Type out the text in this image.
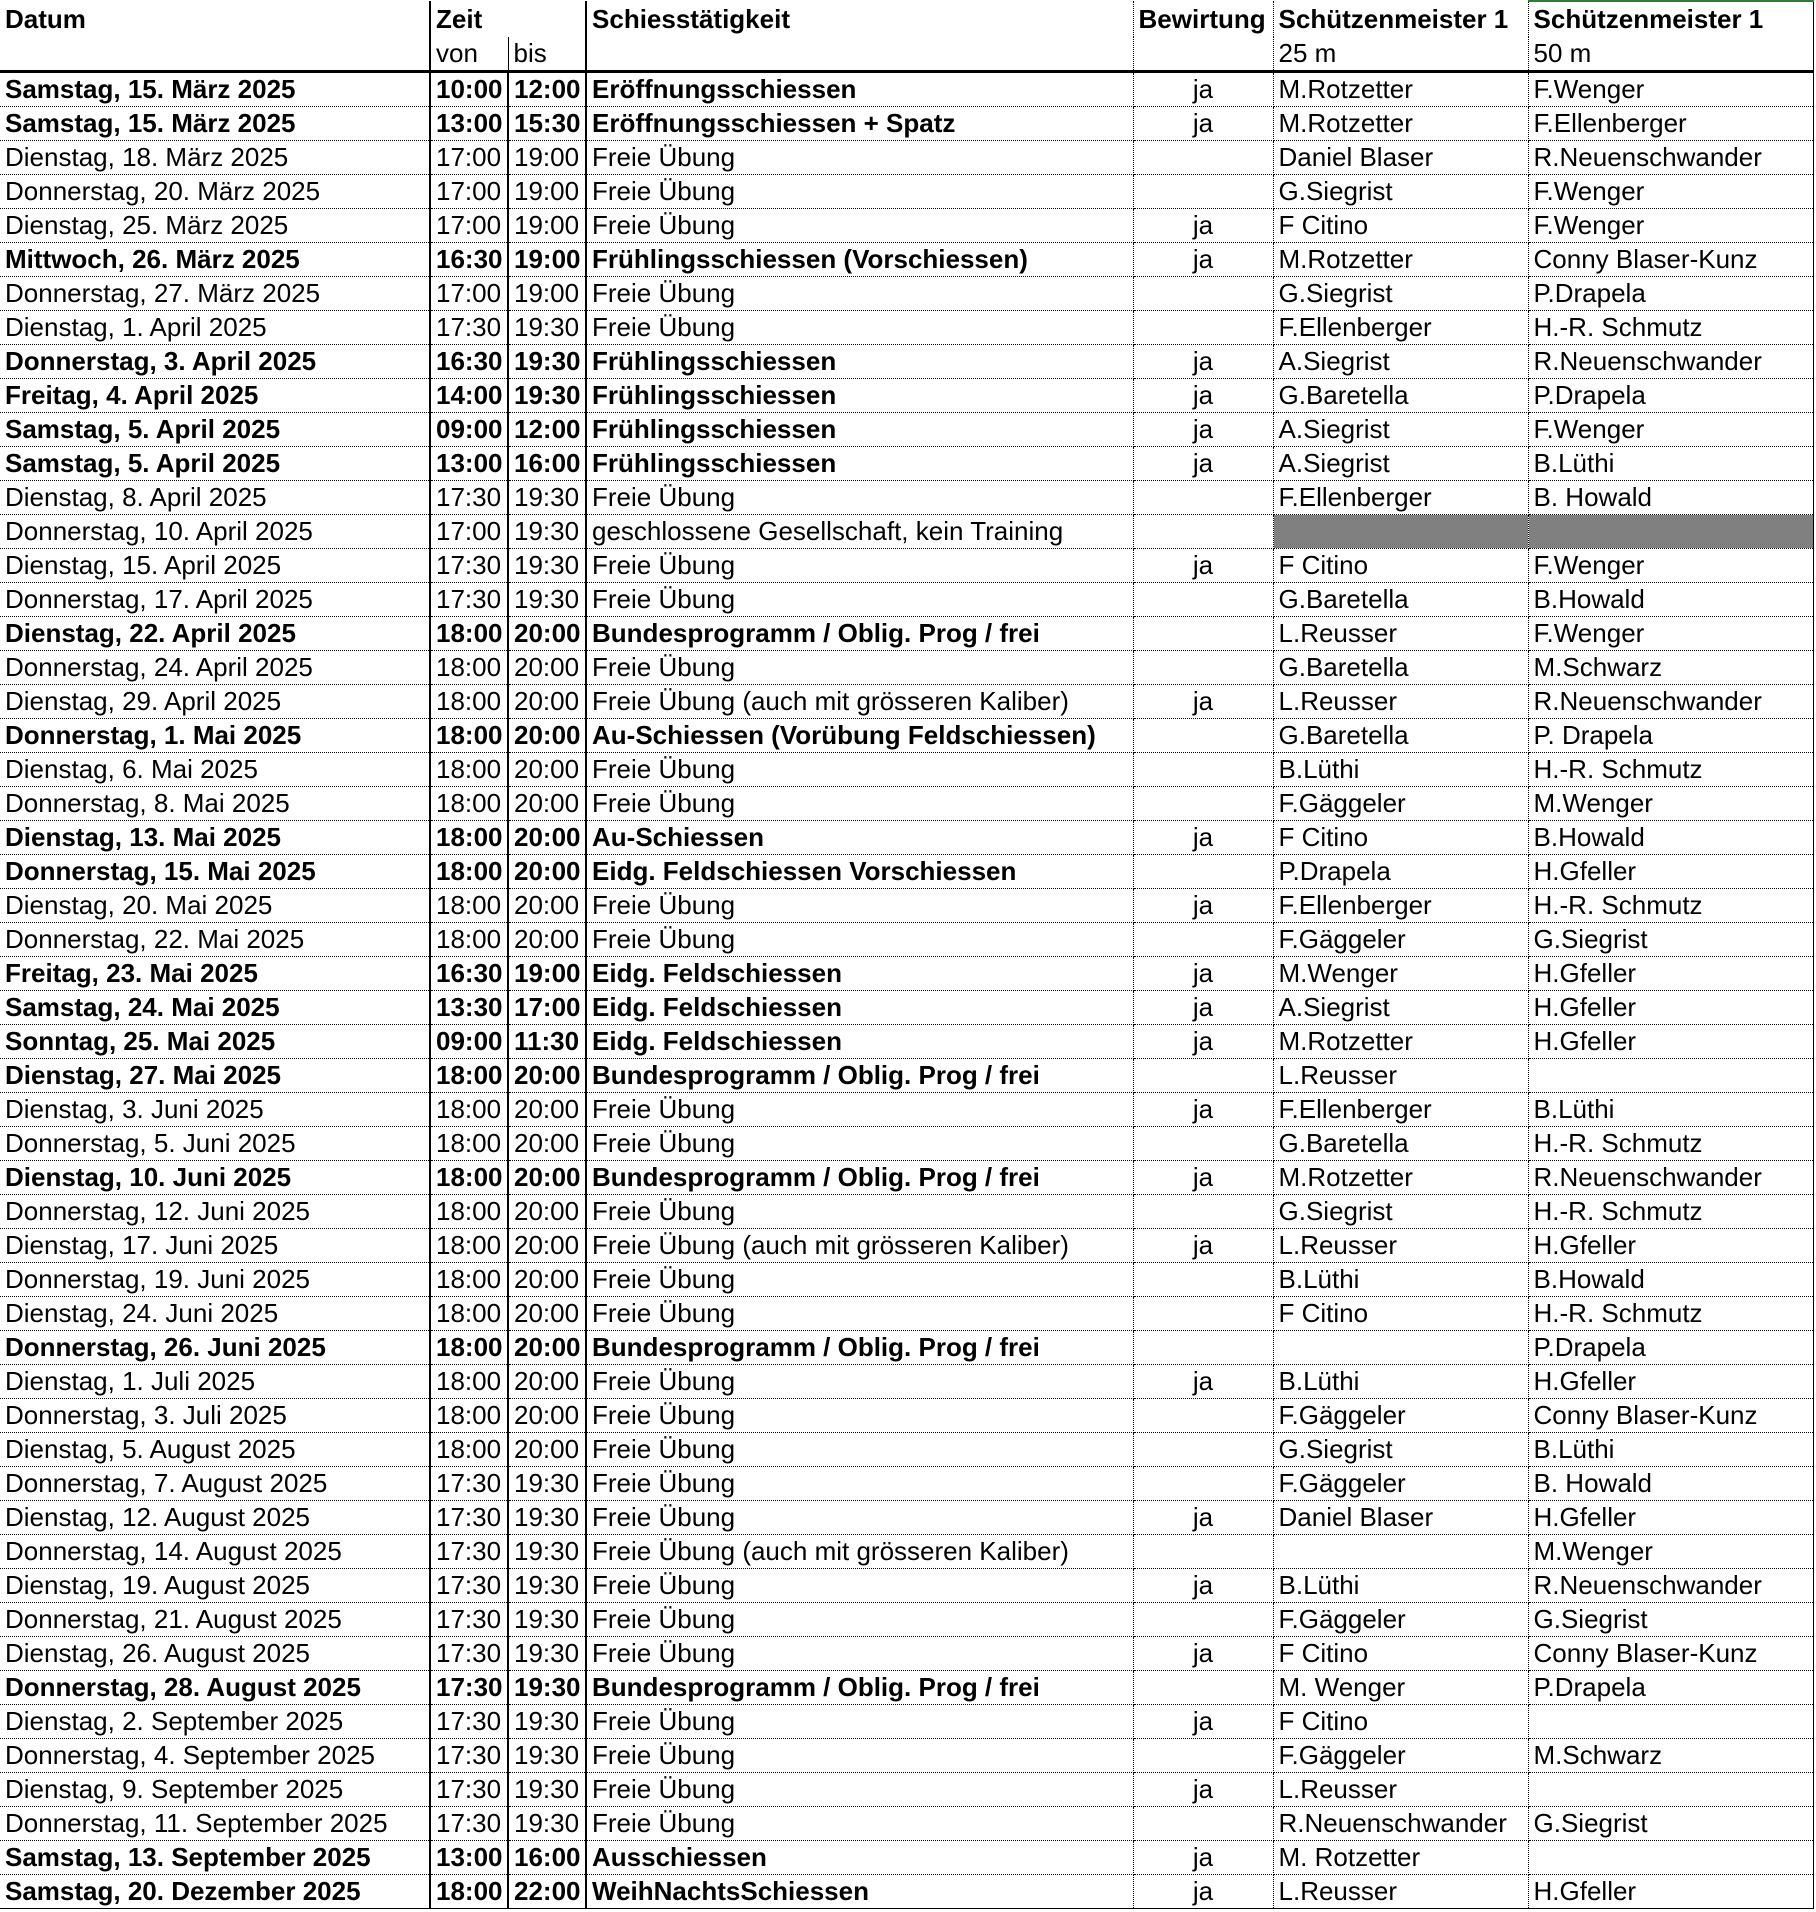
Datum	Zeit		Schiesstätigkeit	Bewirtung	Schützenmeister 1	Schützenmeister 1
	von	bis			25 m	50 m
Samstag, 15. März 2025	10:00	12:00	Eröffnungsschiessen	ja	M.Rotzetter	F.Wenger
Samstag, 15. März 2025	13:00	15:30	Eröffnungsschiessen + Spatz	ja	M.Rotzetter	F.Ellenberger
Dienstag, 18. März 2025	17:00	19:00	Freie Übung		Daniel Blaser	R.Neuenschwander
Donnerstag, 20. März 2025	17:00	19:00	Freie Übung		G.Siegrist	F.Wenger
Dienstag, 25. März 2025	17:00	19:00	Freie Übung	ja	F Citino	F.Wenger
Mittwoch, 26. März 2025	16:30	19:00	Frühlingsschiessen (Vorschiessen)	ja	M.Rotzetter	Conny Blaser-Kunz
Donnerstag, 27. März 2025	17:00	19:00	Freie Übung		G.Siegrist	P.Drapela
Dienstag, 1. April 2025	17:30	19:30	Freie Übung		F.Ellenberger	H.-R. Schmutz
Donnerstag, 3. April 2025	16:30	19:30	Frühlingsschiessen	ja	A.Siegrist	R.Neuenschwander
Freitag, 4. April 2025	14:00	19:30	Frühlingsschiessen	ja	G.Baretella	P.Drapela
Samstag, 5. April 2025	09:00	12:00	Frühlingsschiessen	ja	A.Siegrist	F.Wenger
Samstag, 5. April 2025	13:00	16:00	Frühlingsschiessen	ja	A.Siegrist	B.Lüthi
Dienstag, 8. April 2025	17:30	19:30	Freie Übung		F.Ellenberger	B. Howald
Donnerstag, 10. April 2025	17:00	19:30	geschlossene Gesellschaft, kein Training			
Dienstag, 15. April 2025	17:30	19:30	Freie Übung	ja	F Citino	F.Wenger
Donnerstag, 17. April 2025	17:30	19:30	Freie Übung		G.Baretella	B.Howald
Dienstag, 22. April 2025	18:00	20:00	Bundesprogramm / Oblig. Prog / frei		L.Reusser	F.Wenger
Donnerstag, 24. April 2025	18:00	20:00	Freie Übung		G.Baretella	M.Schwarz
Dienstag, 29. April 2025	18:00	20:00	Freie Übung (auch mit grösseren Kaliber)	ja	L.Reusser	R.Neuenschwander
Donnerstag, 1. Mai 2025	18:00	20:00	Au-Schiessen (Vorübung Feldschiessen)		G.Baretella	P. Drapela
Dienstag, 6. Mai 2025	18:00	20:00	Freie Übung		B.Lüthi	H.-R. Schmutz
Donnerstag, 8. Mai 2025	18:00	20:00	Freie Übung		F.Gäggeler	M.Wenger
Dienstag, 13. Mai 2025	18:00	20:00	Au-Schiessen	ja	F Citino	B.Howald
Donnerstag, 15. Mai 2025	18:00	20:00	Eidg. Feldschiessen Vorschiessen		P.Drapela	H.Gfeller
Dienstag, 20. Mai 2025	18:00	20:00	Freie Übung	ja	F.Ellenberger	H.-R. Schmutz
Donnerstag, 22. Mai 2025	18:00	20:00	Freie Übung		F.Gäggeler	G.Siegrist
Freitag, 23. Mai 2025	16:30	19:00	Eidg. Feldschiessen	ja	M.Wenger	H.Gfeller
Samstag, 24. Mai 2025	13:30	17:00	Eidg. Feldschiessen	ja	A.Siegrist	H.Gfeller
Sonntag, 25. Mai 2025	09:00	11:30	Eidg. Feldschiessen	ja	M.Rotzetter	H.Gfeller
Dienstag, 27. Mai 2025	18:00	20:00	Bundesprogramm / Oblig. Prog / frei		L.Reusser	
Dienstag, 3. Juni 2025	18:00	20:00	Freie Übung	ja	F.Ellenberger	B.Lüthi
Donnerstag, 5. Juni 2025	18:00	20:00	Freie Übung		G.Baretella	H.-R. Schmutz
Dienstag, 10. Juni 2025	18:00	20:00	Bundesprogramm / Oblig. Prog / frei	ja	M.Rotzetter	R.Neuenschwander
Donnerstag, 12. Juni 2025	18:00	20:00	Freie Übung		G.Siegrist	H.-R. Schmutz
Dienstag, 17. Juni 2025	18:00	20:00	Freie Übung (auch mit grösseren Kaliber)	ja	L.Reusser	H.Gfeller
Donnerstag, 19. Juni 2025	18:00	20:00	Freie Übung		B.Lüthi	B.Howald
Dienstag, 24. Juni 2025	18:00	20:00	Freie Übung		F Citino	H.-R. Schmutz
Donnerstag, 26. Juni 2025	18:00	20:00	Bundesprogramm / Oblig. Prog / frei			P.Drapela
Dienstag, 1. Juli 2025	18:00	20:00	Freie Übung	ja	B.Lüthi	H.Gfeller
Donnerstag, 3. Juli 2025	18:00	20:00	Freie Übung		F.Gäggeler	Conny Blaser-Kunz
Dienstag, 5. August 2025	18:00	20:00	Freie Übung		G.Siegrist	B.Lüthi
Donnerstag, 7. August 2025	17:30	19:30	Freie Übung		F.Gäggeler	B. Howald
Dienstag, 12. August 2025	17:30	19:30	Freie Übung	ja	Daniel Blaser	H.Gfeller
Donnerstag, 14. August 2025	17:30	19:30	Freie Übung (auch mit grösseren Kaliber)			M.Wenger
Dienstag, 19. August 2025	17:30	19:30	Freie Übung	ja	B.Lüthi	R.Neuenschwander
Donnerstag, 21. August 2025	17:30	19:30	Freie Übung		F.Gäggeler	G.Siegrist
Dienstag, 26. August 2025	17:30	19:30	Freie Übung	ja	F Citino	Conny Blaser-Kunz
Donnerstag, 28. August 2025	17:30	19:30	Bundesprogramm / Oblig. Prog / frei		M. Wenger	P.Drapela
Dienstag, 2. September 2025	17:30	19:30	Freie Übung	ja	F Citino	
Donnerstag, 4. September 2025	17:30	19:30	Freie Übung		F.Gäggeler	M.Schwarz
Dienstag, 9. September 2025	17:30	19:30	Freie Übung	ja	L.Reusser	
Donnerstag, 11. September 2025	17:30	19:30	Freie Übung		R.Neuenschwander	G.Siegrist
Samstag, 13. September 2025	13:00	16:00	Ausschiessen	ja	M. Rotzetter	
Samstag, 20. Dezember 2025	18:00	22:00	WeihNachtsSchiessen	ja	L.Reusser	H.Gfeller
